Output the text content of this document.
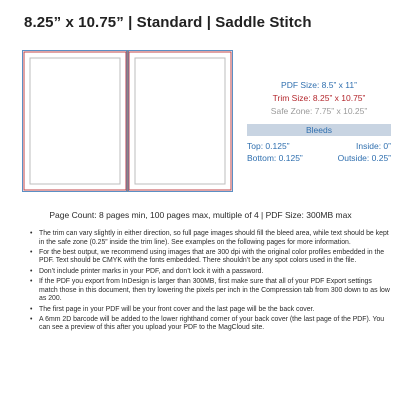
8.25” x 10.75” | Standard | Saddle Stitch
PDF Size: 8.5” x 11”
Trim Size: 8.25” x 10.75”
Safe Zone: 7.75” x 10.25”
Bleeds
Top: 0.125”	Inside: 0”
Bottom: 0.125”	Outside: 0.25”
Page Count: 8 pages min, 100 pages max, multiple of 4 | PDF Size: 300MB max
• The trim can vary slightly in either direction, so full page images should fill the bleed area, while text should be kept in the safe zone (0.25” inside the trim line). See examples on the following pages for more information.
• For the best output, we recommend using images that are 300 dpi with the original color profiles embedded in the PDF. Text should be CMYK with the fonts embedded. There shouldn’t be any spot colors used in the file.
• Don’t include printer marks in your PDF, and don’t lock it with a password.
• If the PDF you export from InDesign is larger than 300MB, first make sure that all of your PDF Export settings match those in this document, then try lowering the pixels per inch in the Compression tab from 300 down to as low as 200.
• The first page in your PDF will be your front cover and the last page will be the back cover.
• A 6mm 2D barcode will be added to the lower righthand corner of your back cover (the last page of the PDF). You can see a preview of this after you upload your PDF to the MagCloud site.
